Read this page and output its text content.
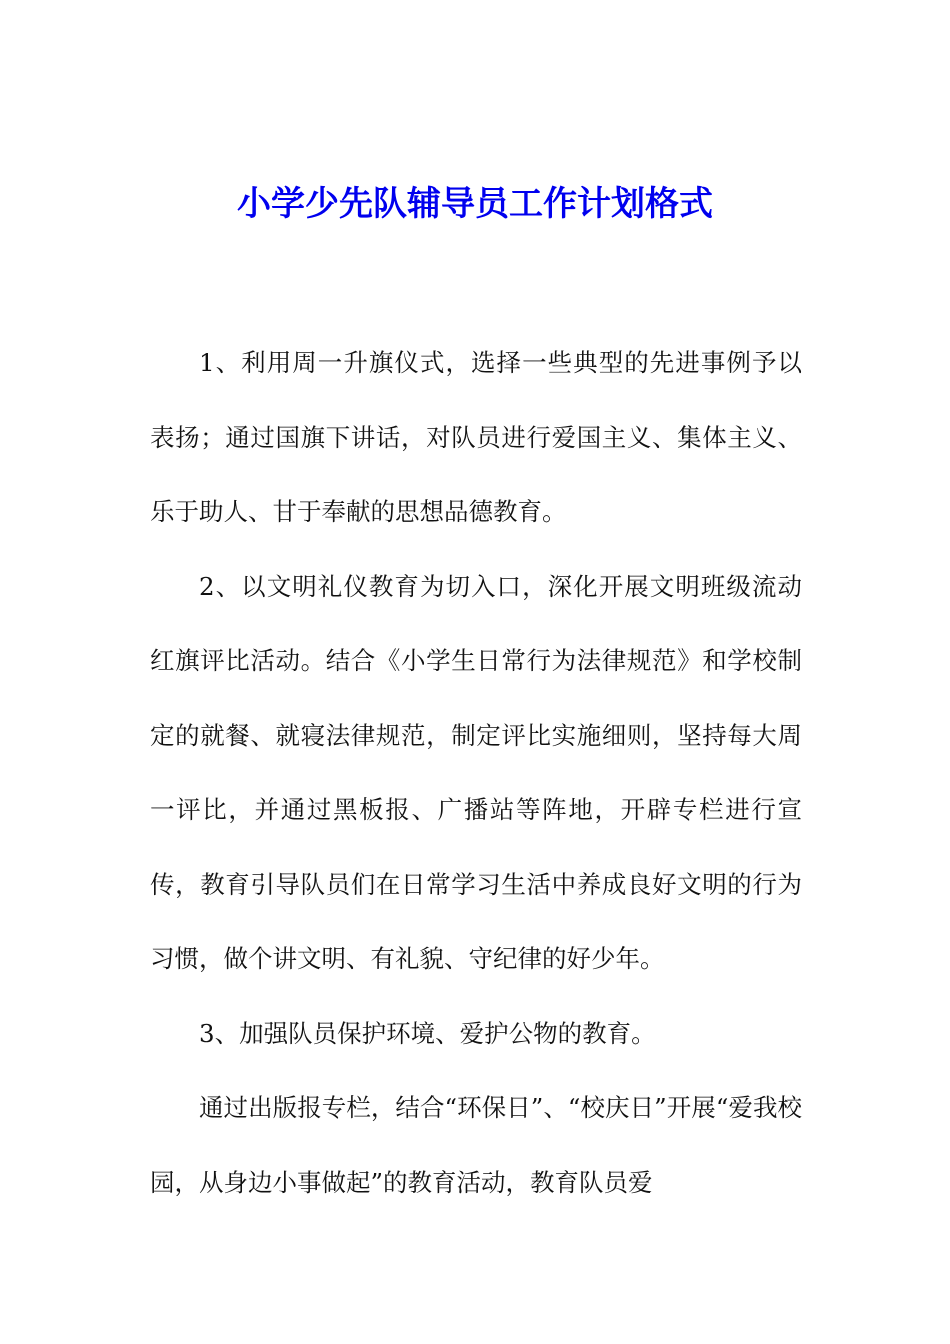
小学少先队辅导员工作计划格式

1、利用周一升旗仪式，选择一些典型的先进事例予以表扬；通过国旗下讲话，对队员进行爱国主义、集体主义、乐于助人、甘于奉献的思想品德教育。

2、以文明礼仪教育为切入口，深化开展文明班级流动红旗评比活动。结合《小学生日常行为法律规范》和学校制定的就餐、就寝法律规范，制定评比实施细则，坚持每大周一评比，并通过黑板报、广播站等阵地，开辟专栏进行宣传，教育引导队员们在日常学习生活中养成良好文明的行为习惯，做个讲文明、有礼貌、守纪律的好少年。

3、加强队员保护环境、爱护公物的教育。

通过出版报专栏，结合“环保日”、“校庆日”开展“爱我校园，从身边小事做起”的教育活动，教育队员爱
